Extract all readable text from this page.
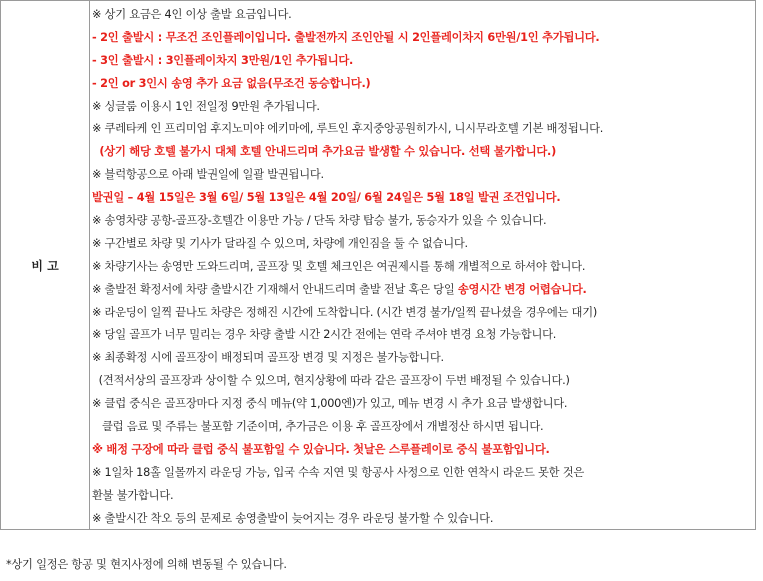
비 고
※ 상기 요금은 4인 이상 출발 요금입니다.
- 2인 출발시 : 무조건 조인플레이입니다. 출발전까지 조인안될 시 2인플레이차지 6만원/1인 추가됩니다.
- 3인 출발시 : 3인플레이차지 3만원/1인 추가됩니다.
- 2인 or 3인시 송영 추가 요금 없음(무조건 동승합니다.)
※ 싱글룸 이용시 1인 전일정 9만원 추가됩니다.
※ 쿠레타케 인 프리미엄 후지노미야 에키마에, 루트인 후지중앙공원히가시, 니시무라호텔 기본 배정됩니다.
(상기 해당 호텔 불가시 대체 호텔 안내드리며 추가요금 발생할 수 있습니다. 선택 불가합니다.)
※ 블럭항공으로 아래 발권일에 일괄 발권됩니다.
발권일 – 4월 15일은 3월 6일/ 5월 13일은 4월 20일/ 6월 24일은 5월 18일 발권 조건입니다.
※ 송영차량 공항-골프장-호텔간 이용만 가능 / 단독 차량 탑승 불가, 동승자가 있을 수 있습니다.
※ 구간별로 차량 및 기사가 달라질 수 있으며, 차량에 개인짐을 둘 수 없습니다.
※ 차량기사는 송영만 도와드리며, 골프장 및 호텔 체크인은 여권제시를 통해 개별적으로 하셔야 합니다.
※ 출발전 확정서에 차량 출발시간 기재해서 안내드리며 출발 전날 혹은 당일 송영시간 변경 어렵습니다.
※ 라운딩이 일찍 끝나도 차량은 정해진 시간에 도착합니다. (시간 변경 불가/일찍 끝나셨을 경우에는 대기)
※ 당일 골프가 너무 밀리는 경우 차량 출발 시간 2시간 전에는 연락 주셔야 변경 요청 가능합니다.
※ 최종확정 시에 골프장이 배정되며 골프장 변경 및 지정은 불가능합니다.
(견적서상의 골프장과 상이할 수 있으며, 현지상황에 따라 같은 골프장이 두번 배정될 수 있습니다.)
※ 클럽 중식은 골프장마다 지정 중식 메뉴(약 1,000엔)가 있고, 메뉴 변경 시 추가 요금 발생합니다.
클럽 음료 및 주류는 불포함 기준이며, 추가금은 이용 후 골프장에서 개별정산 하시면 됩니다.
※ 배정 구장에 따라 클럽 중식 불포함일 수 있습니다. 첫날은 스루플레이로 중식 불포함입니다.
※ 1일차 18홀 일몰까지 라운딩 가능, 입국 수속 지연 및 항공사 사정으로 인한 연착시 라운드 못한 것은
환불 불가합니다.
※ 출발시간 착오 등의 문제로 송영출발이 늦어지는 경우 라운딩 불가할 수 있습니다.
*상기 일정은 항공 및 현지사정에 의해 변동될 수 있습니다.
